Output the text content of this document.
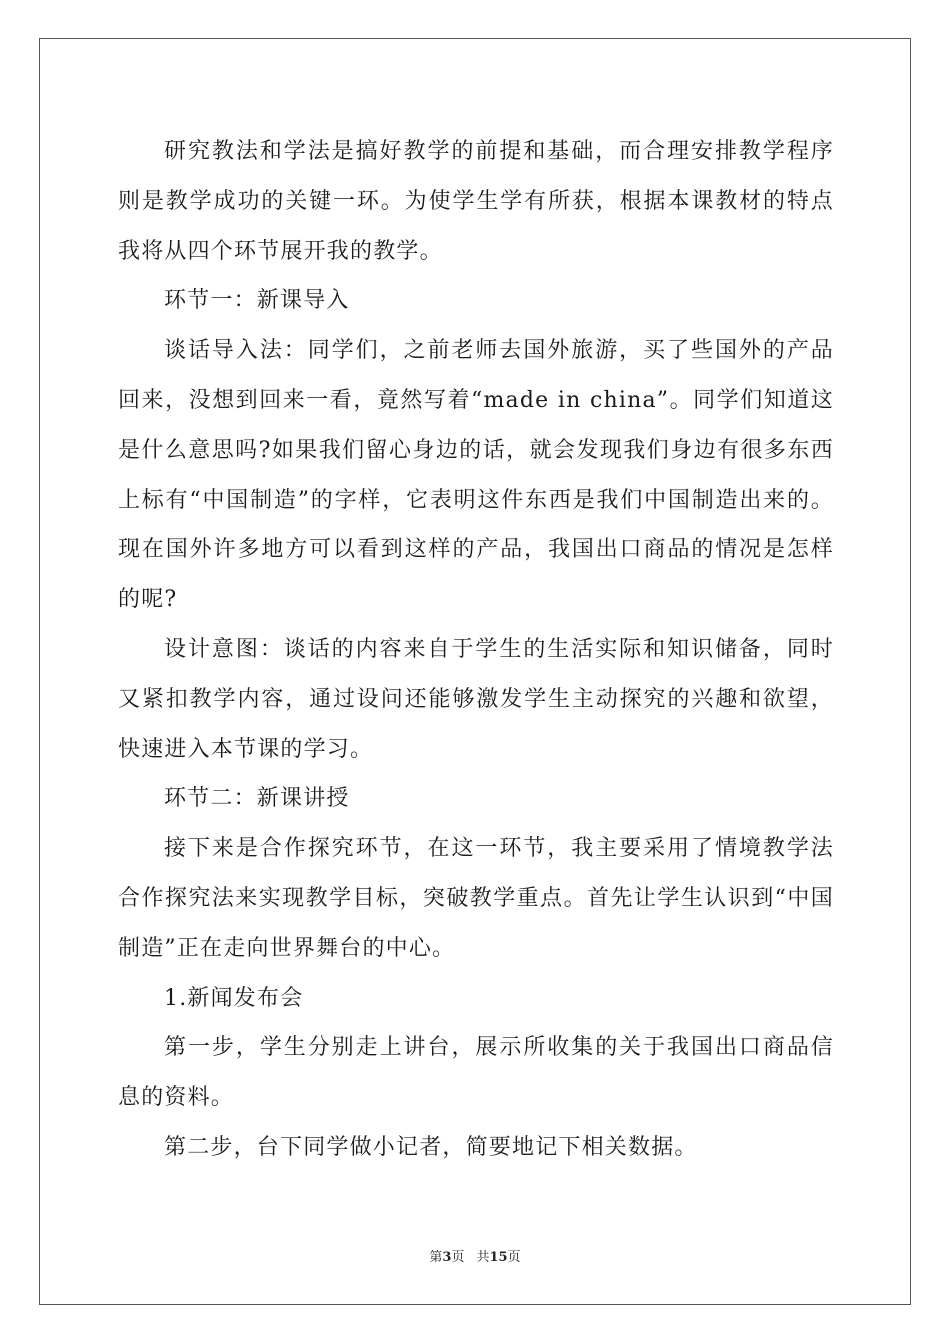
研究教法和学法是搞好教学的前提和基础，而合理安排教学程序则是教学成功的关键一环。为使学生学有所获，根据本课教材的特点我将从四个环节展开我的教学。

环节一：新课导入

谈话导入法：同学们，之前老师去国外旅游，买了些国外的产品回来，没想到回来一看，竟然写着“made in china”。同学们知道这是什么意思吗?如果我们留心身边的话，就会发现我们身边有很多东西上标有“中国制造”的字样，它表明这件东西是我们中国制造出来的。现在国外许多地方可以看到这样的产品，我国出口商品的情况是怎样的呢?

设计意图：谈话的内容来自于学生的生活实际和知识储备，同时又紧扣教学内容，通过设问还能够激发学生主动探究的兴趣和欲望，快速进入本节课的学习。

环节二：新课讲授

接下来是合作探究环节，在这一环节，我主要采用了情境教学法合作探究法来实现教学目标，突破教学重点。首先让学生认识到“中国制造”正在走向世界舞台的中心。

1.新闻发布会

第一步，学生分别走上讲台，展示所收集的关于我国出口商品信息的资料。

第二步，台下同学做小记者，简要地记下相关数据。

第3页 共15页
